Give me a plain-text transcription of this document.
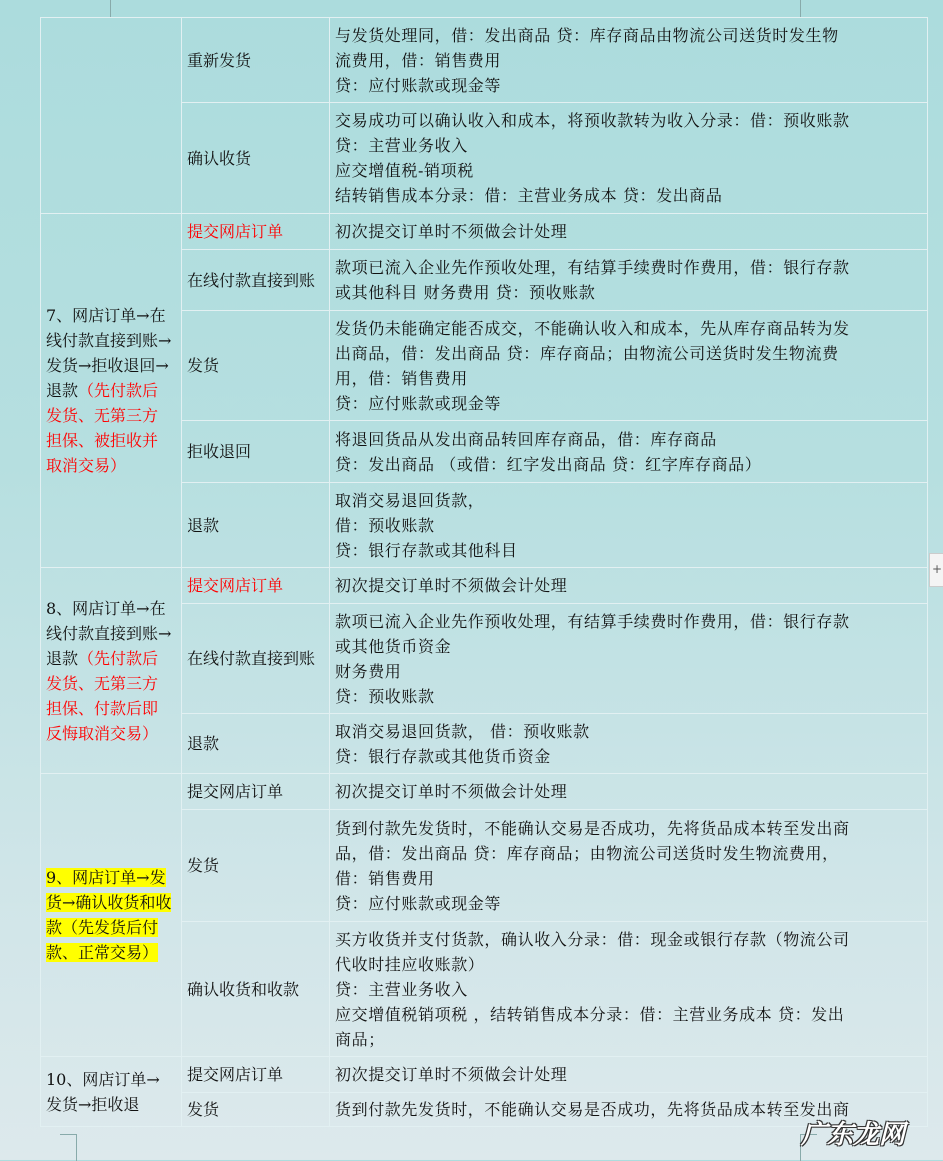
	重新发货	与发货处理同，借：发出商品 贷：库存商品由物流公司送货时发生物
流费用，借：销售费用
贷：应付账款或现金等

	确认收货	交易成功可以确认收入和成本，将预收款转为收入分录：借：预收账款
贷：主营业务收入
应交增值税-销项税
结转销售成本分录：借：主营业务成本 贷：发出商品

7、网店订单→在线付款直接到账→发货→拒收退回→退款（先付款后发货、无第三方担保、被拒收并取消交易）	提交网店订单	初次提交订单时不须做会计处理

	在线付款直接到账	款项已流入企业先作预收处理，有结算手续费时作费用，借：银行存款
或其他科目 财务费用 贷：预收账款

	发货	发货仍未能确定能否成交，不能确认收入和成本，先从库存商品转为发
出商品，借：发出商品 贷：库存商品；由物流公司送货时发生物流费
用，借：销售费用
贷：应付账款或现金等

	拒收退回	将退回货品从发出商品转回库存商品，借：库存商品
贷：发出商品 （或借：红字发出商品 贷：红字库存商品）

	退款	取消交易退回货款，
借：预收账款
贷：银行存款或其他科目

8、网店订单→在线付款直接到账→退款（先付款后发货、无第三方担保、付款后即反悔取消交易）	提交网店订单	初次提交订单时不须做会计处理

	在线付款直接到账	款项已流入企业先作预收处理，有结算手续费时作费用，借：银行存款
或其他货币资金
财务费用
贷：预收账款

	退款	取消交易退回货款， 借：预收账款
贷：银行存款或其他货币资金

9、网店订单→发货→确认收货和收款（先发货后付款、正常交易）	提交网店订单	初次提交订单时不须做会计处理

	发货	货到付款先发货时，不能确认交易是否成功，先将货品成本转至发出商
品，借：发出商品 贷：库存商品；由物流公司送货时发生物流费用，
借：销售费用
贷：应付账款或现金等

	确认收货和收款	买方收货并支付货款，确认收入分录：借：现金或银行存款（物流公司
代收时挂应收账款）
贷：主营业务收入
应交增值税销项税 ，结转销售成本分录：借：主营业务成本 贷：发出
商品；

10、网店订单→发货→拒收退	提交网店订单	初次提交订单时不须做会计处理

	发货	货到付款先发货时，不能确认交易是否成功，先将货品成本转至发出商
+
广东龙网
